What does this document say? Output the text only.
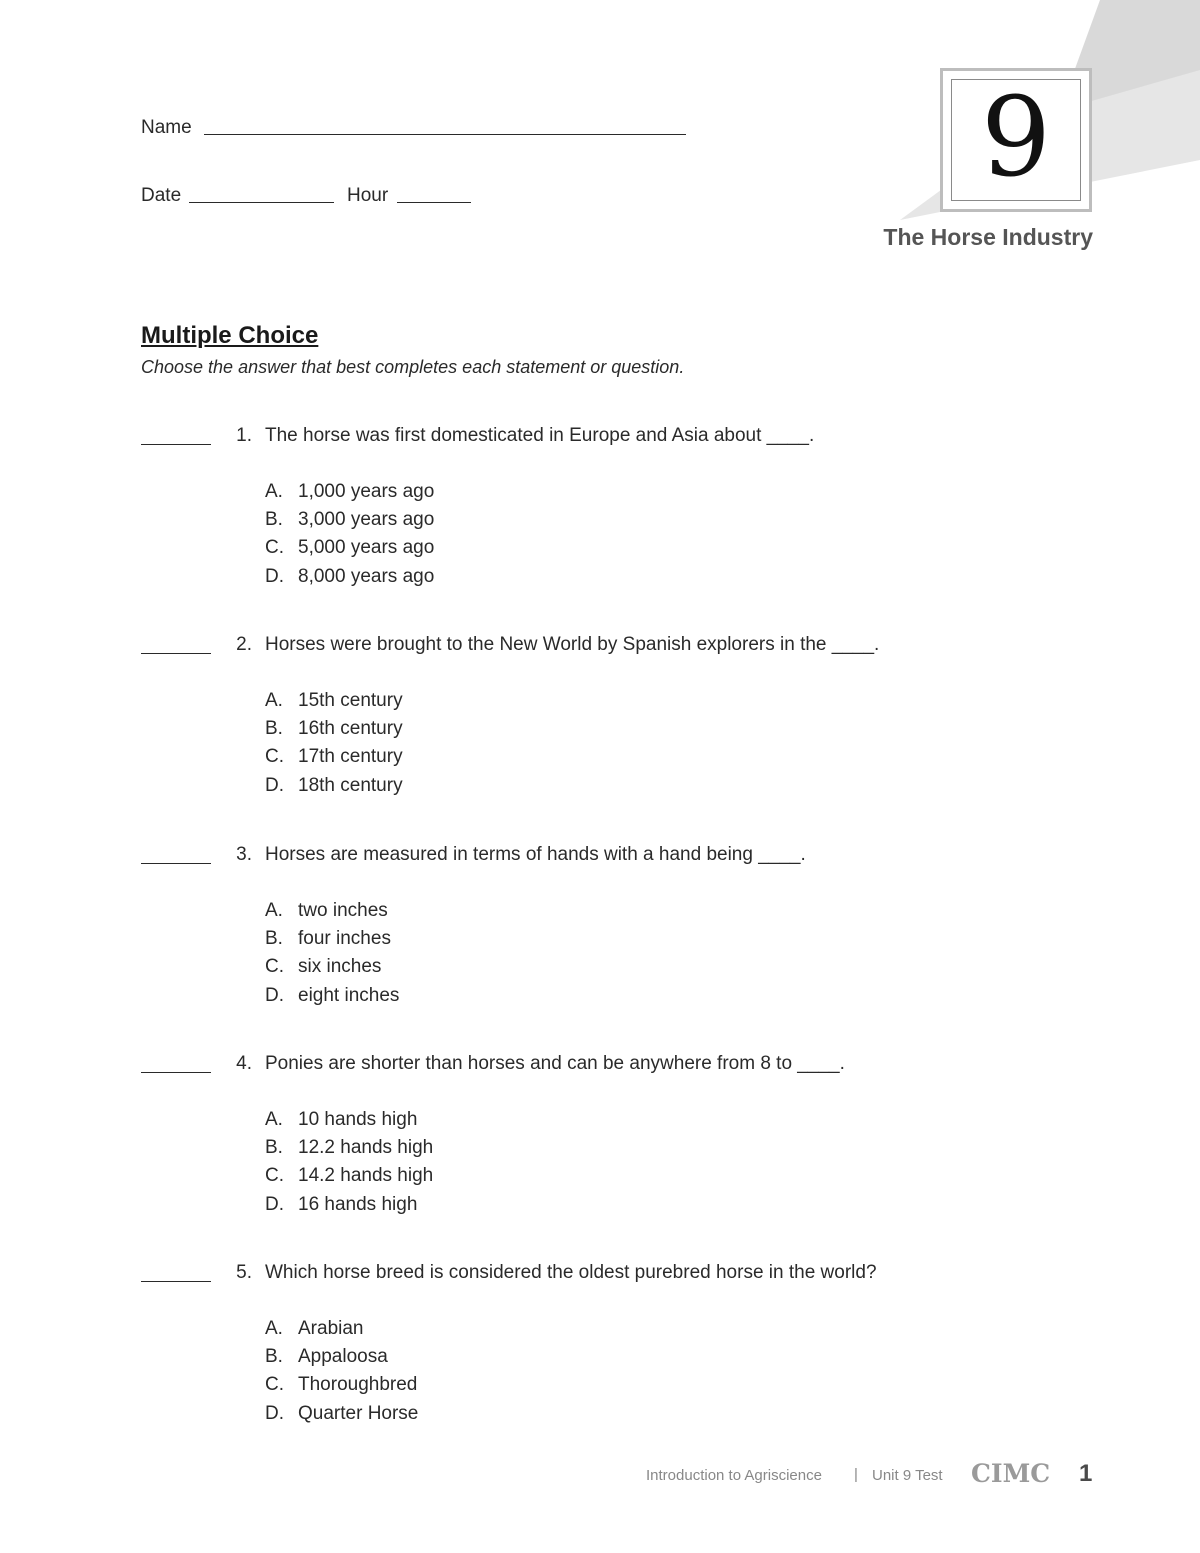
Name
Date	Hour	9
The Horse Industry
Multiple Choice
Choose the answer that best completes each statement or question.
1. The horse was first domesticated in Europe and Asia about ____.
A. 1,000 years ago
B. 3,000 years ago
C. 5,000 years ago
D. 8,000 years ago
2. Horses were brought to the New World by Spanish explorers in the ____.
A. 15th century
B. 16th century
C. 17th century
D. 18th century
3. Horses are measured in terms of hands with a hand being ____.
A. two inches
B. four inches
C. six inches
D. eight inches
4. Ponies are shorter than horses and can be anywhere from 8 to ____.
A. 10 hands high
B. 12.2 hands high
C. 14.2 hands high
D. 16 hands high
5. Which horse breed is considered the oldest purebred horse in the world?
A. Arabian
B. Appaloosa
C. Thoroughbred
D. Quarter Horse
Introduction to Agriscience | Unit 9 Test CIMC 1
